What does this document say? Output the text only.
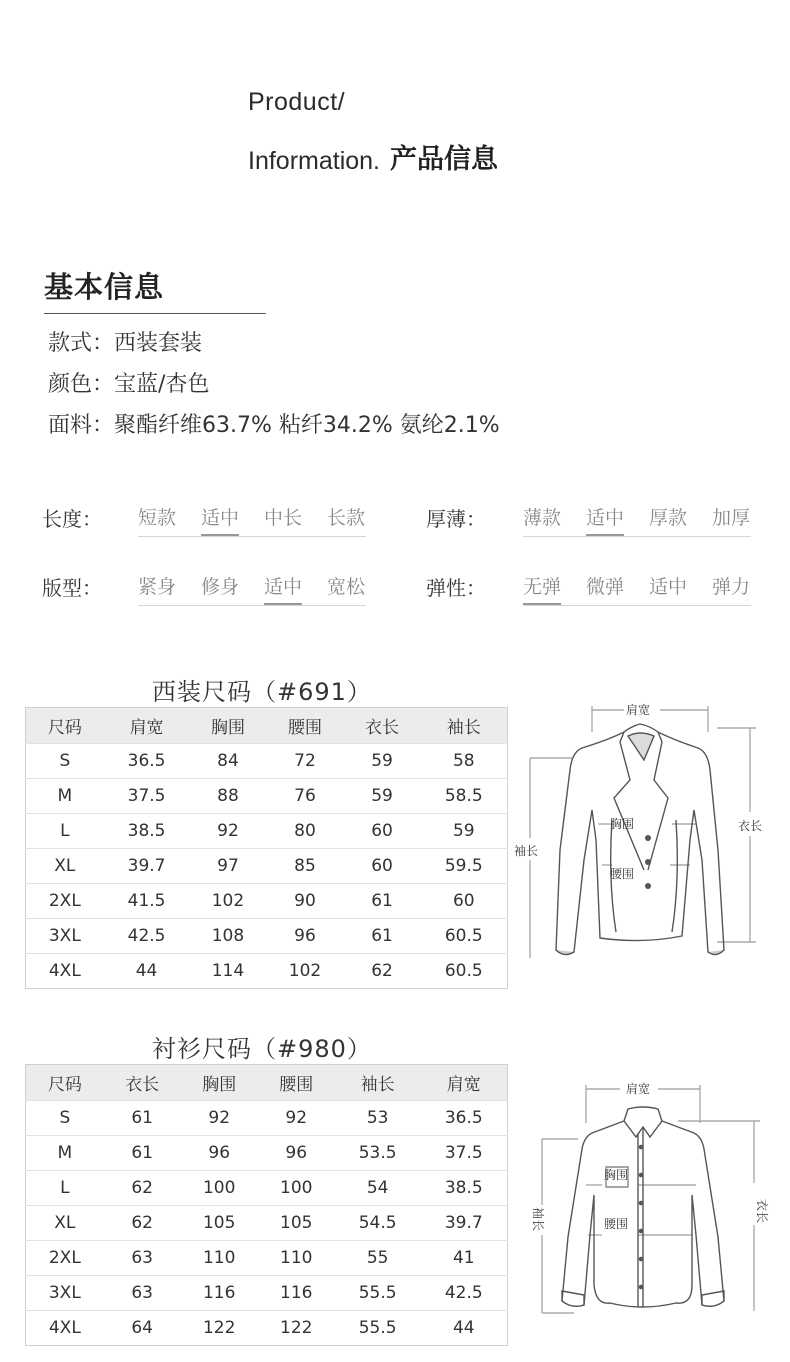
Product/
Information. 产品信息
基本信息
款式：西装套装
颜色：宝蓝/杏色
面料：聚酯纤维63.7% 粘纤34.2% 氨纶2.1%
长度： 短款	适中	中长	长款	厚薄： 薄款	适中	厚款	加厚
版型： 紧身	修身	适中	宽松	弹性： 无弹	微弹	适中	弹力
西装尺码（#691）
尺码	肩宽	胸围	腰围	衣长	袖长
S	36.5	84	72	59	58
M	37.5	88	76	59	58.5
L	38.5	92	80	60	59
XL	39.7	97	85	60	59.5
2XL	41.5	102	90	61	60
3XL	42.5	108	96	61	60.5
4XL	44	114	102	62	60.5
肩宽
胸围
腰围
袖长
衣长
衬衫尺码（#980）
尺码	衣长	胸围	腰围	袖长	肩宽
S	61	92	92	53	36.5
M	61	96	96	53.5	37.5
L	62	100	100	54	38.5
XL	62	105	105	54.5	39.7
2XL	63	110	110	55	41
3XL	63	116	116	55.5	42.5
4XL	64	122	122	55.5	44
肩宽
胸围
腰围
袖长	衣长
